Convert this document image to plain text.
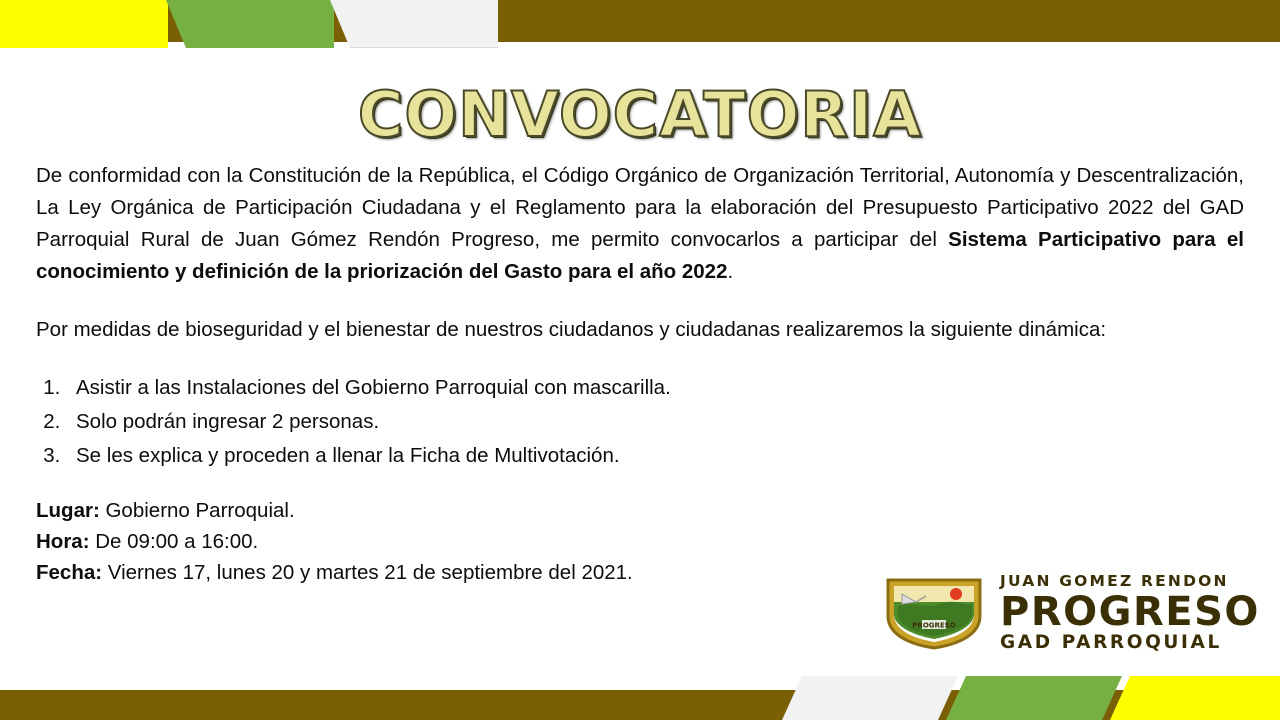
CONVOCATORIA

De conformidad con la Constitución de la República, el Código Orgánico de Organización Territorial, Autonomía y Descentralización, La Ley Orgánica de Participación Ciudadana y el Reglamento para la elaboración del Presupuesto Participativo 2022 del GAD Parroquial Rural de Juan Gómez Rendón Progreso, me permito convocarlos a participar del Sistema Participativo para el conocimiento y definición de la priorización del Gasto para el año 2022.

Por medidas de bioseguridad y el bienestar de nuestros ciudadanos y ciudadanas realizaremos la siguiente dinámica:

1. Asistir a las Instalaciones del Gobierno Parroquial con mascarilla.
2. Solo podrán ingresar 2 personas.
3. Se les explica y proceden a llenar la Ficha de Multivotación.
Lugar: Gobierno Parroquial.
Hora: De 09:00 a 16:00.
Fecha: Viernes 17, lunes 20 y martes 21 de septiembre del 2021.
PROGRESO
JUAN GOMEZ RENDON
PROGRESO
GAD PARROQUIAL
